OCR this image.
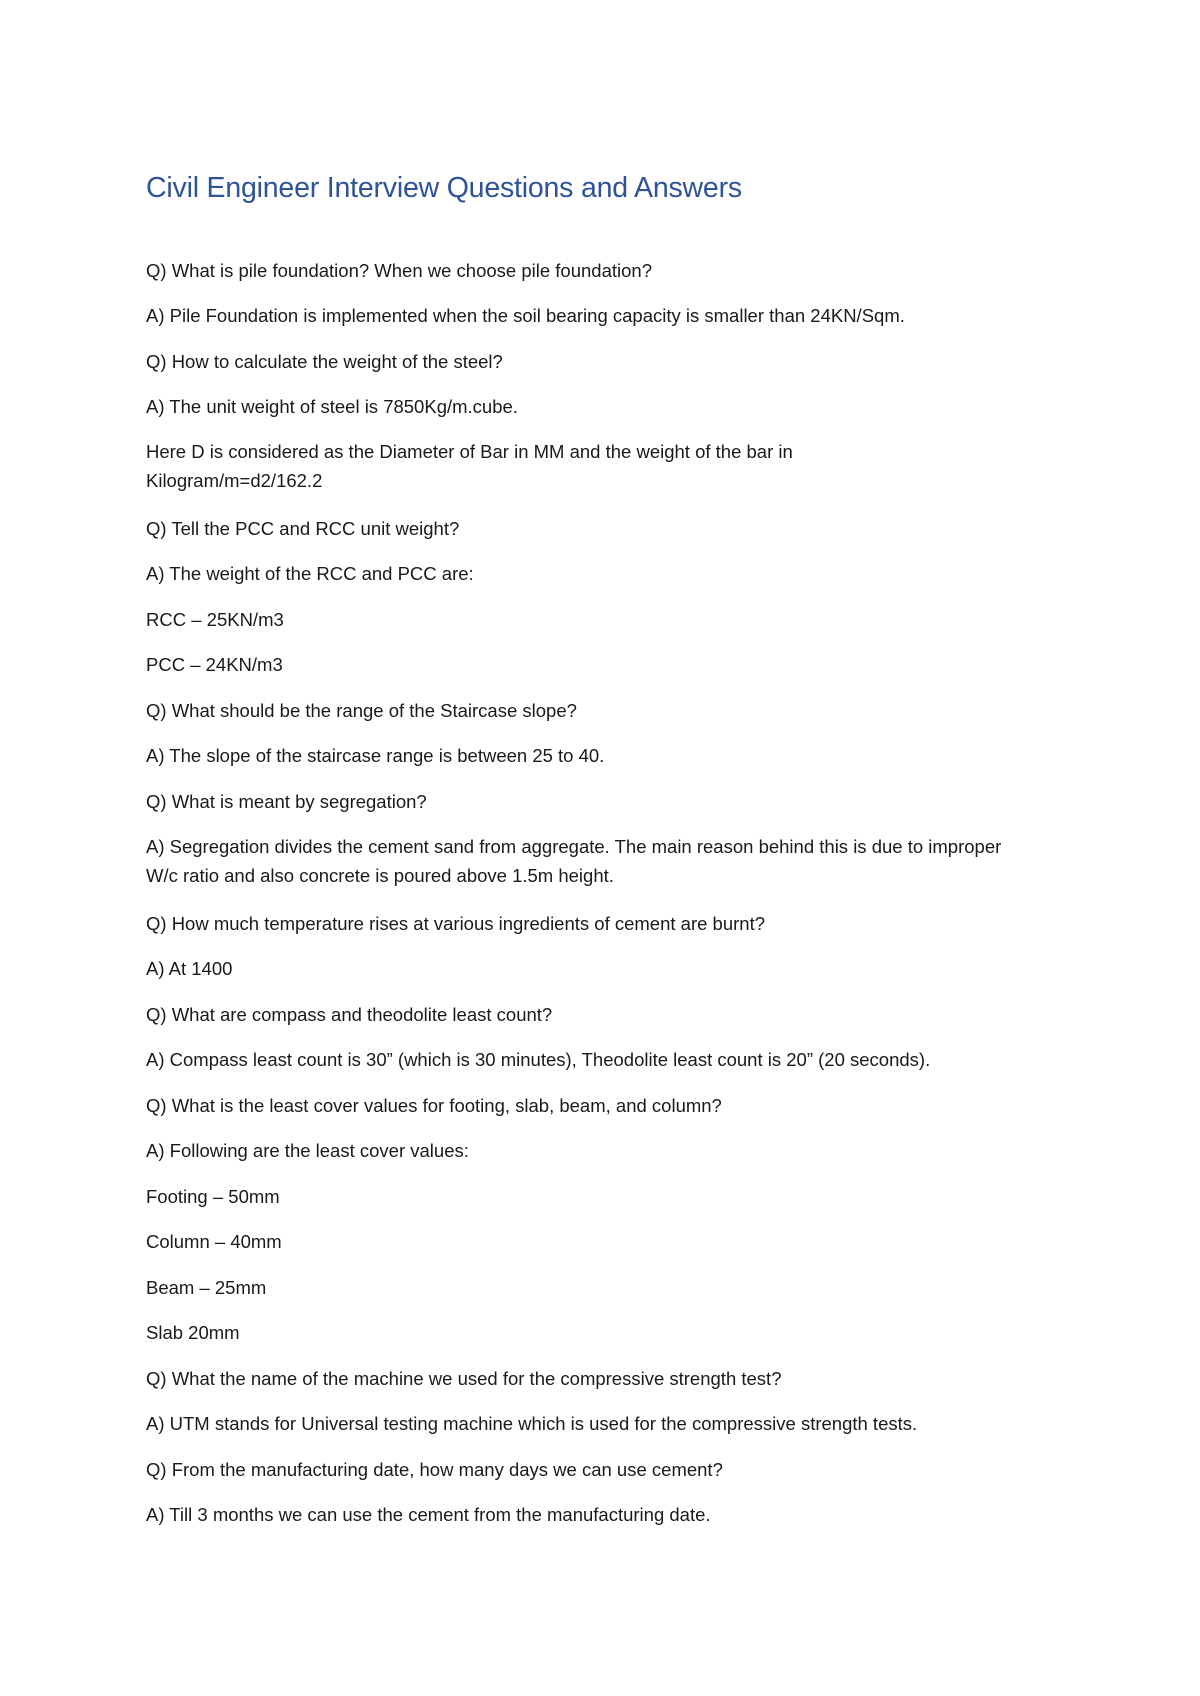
Civil Engineer Interview Questions and Answers

Q) What is pile foundation? When we choose pile foundation?

A) Pile Foundation is implemented when the soil bearing capacity is smaller than 24KN/Sqm.

Q) How to calculate the weight of the steel?

A) The unit weight of steel is 7850Kg/m.cube.

Here D is considered as the Diameter of Bar in MM and the weight of the bar in Kilogram/m=d2/162.2

Q) Tell the PCC and RCC unit weight?

A) The weight of the RCC and PCC are:

RCC – 25KN/m3

PCC – 24KN/m3

Q) What should be the range of the Staircase slope?

A) The slope of the staircase range is between 25 to 40.

Q) What is meant by segregation?

A) Segregation divides the cement sand from aggregate. The main reason behind this is due to improper W/c ratio and also concrete is poured above 1.5m height.

Q) How much temperature rises at various ingredients of cement are burnt?

A) At 1400

Q) What are compass and theodolite least count?

A) Compass least count is 30” (which is 30 minutes), Theodolite least count is 20” (20 seconds).

Q) What is the least cover values for footing, slab, beam, and column?

A) Following are the least cover values:

Footing – 50mm

Column – 40mm

Beam – 25mm

Slab 20mm

Q) What the name of the machine we used for the compressive strength test?

A) UTM stands for Universal testing machine which is used for the compressive strength tests.

Q) From the manufacturing date, how many days we can use cement?

A) Till 3 months we can use the cement from the manufacturing date.
